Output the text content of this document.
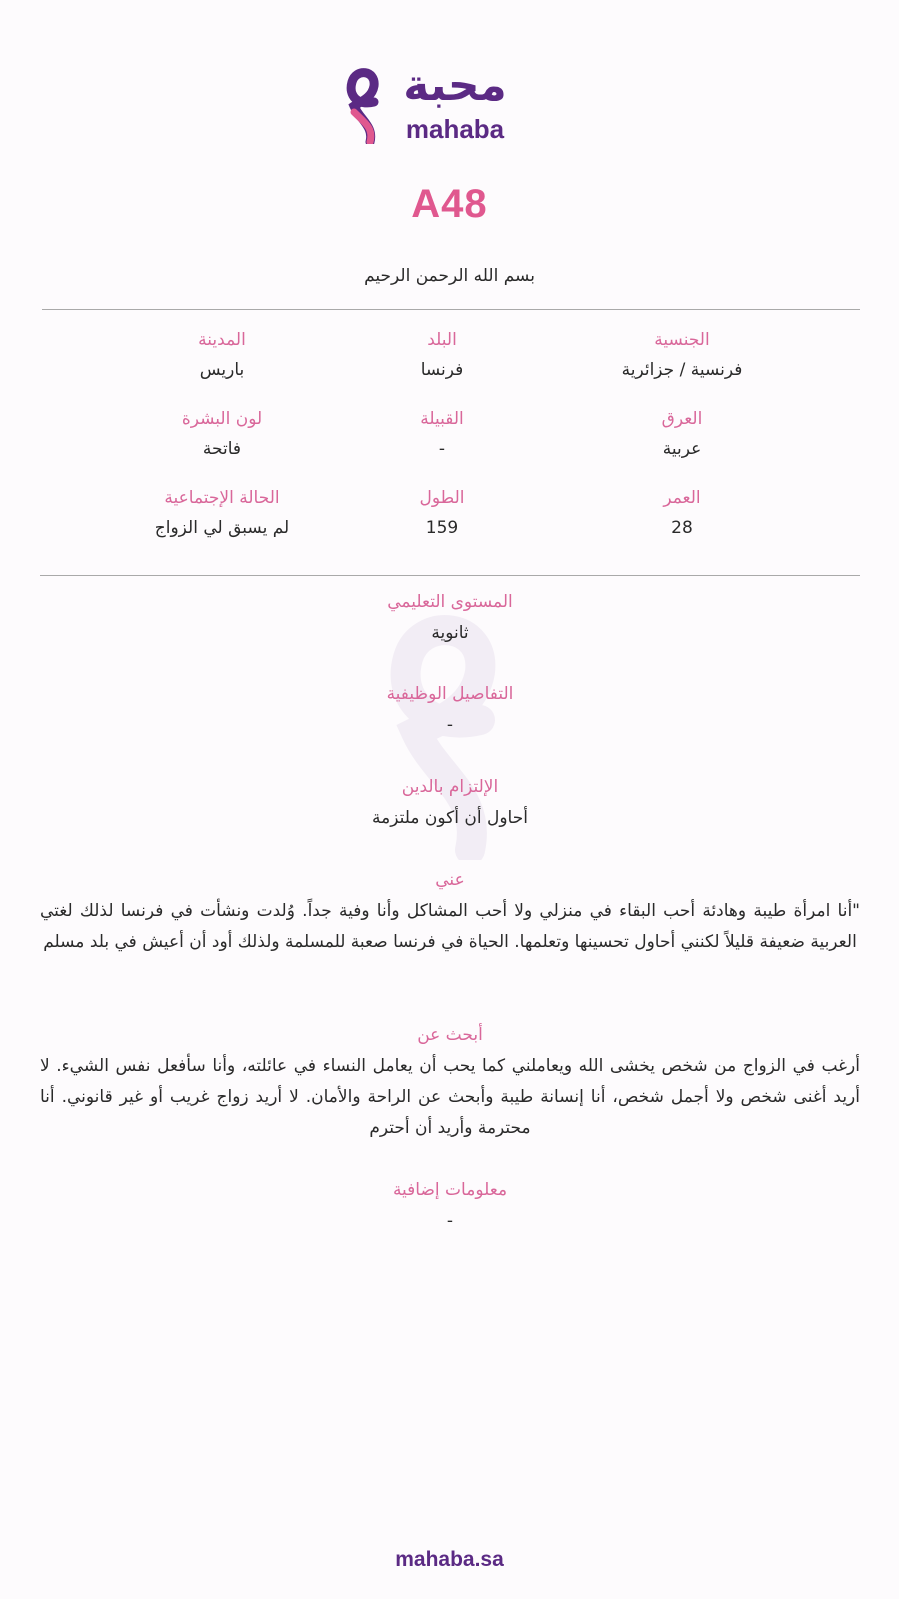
محبة
mahaba
A48
بسم الله الرحمن الرحيم
الجنسية
فرنسية / جزائرية
البلد
فرنسا
المدينة
باريس
العرق
عربية
القبيلة
-
لون البشرة
فاتحة
العمر
28
الطول
159
الحالة الإجتماعية
لم يسبق لي الزواج
المستوى التعليمي
ثانوية
التفاصيل الوظيفية
-
الإلتزام بالدين
أحاول أن أكون ملتزمة
عني
"أنا امرأة طيبة وهادئة أحب البقاء في منزلي ولا أحب المشاكل وأنا وفية جداً. وُلدت ونشأت في فرنسا لذلك لغتي العربية ضعيفة قليلاً لكنني أحاول تحسينها وتعلمها. الحياة في فرنسا صعبة للمسلمة ولذلك أود أن أعيش في بلد مسلم
أبحث عن
أرغب في الزواج من شخص يخشى الله ويعاملني كما يحب أن يعامل النساء في عائلته، وأنا سأفعل نفس الشيء. لا أريد أغنى شخص ولا أجمل شخص، أنا إنسانة طيبة وأبحث عن الراحة والأمان. لا أريد زواج غريب أو غير قانوني. أنا محترمة وأريد أن أحترم
معلومات إضافية
-
mahaba.sa
